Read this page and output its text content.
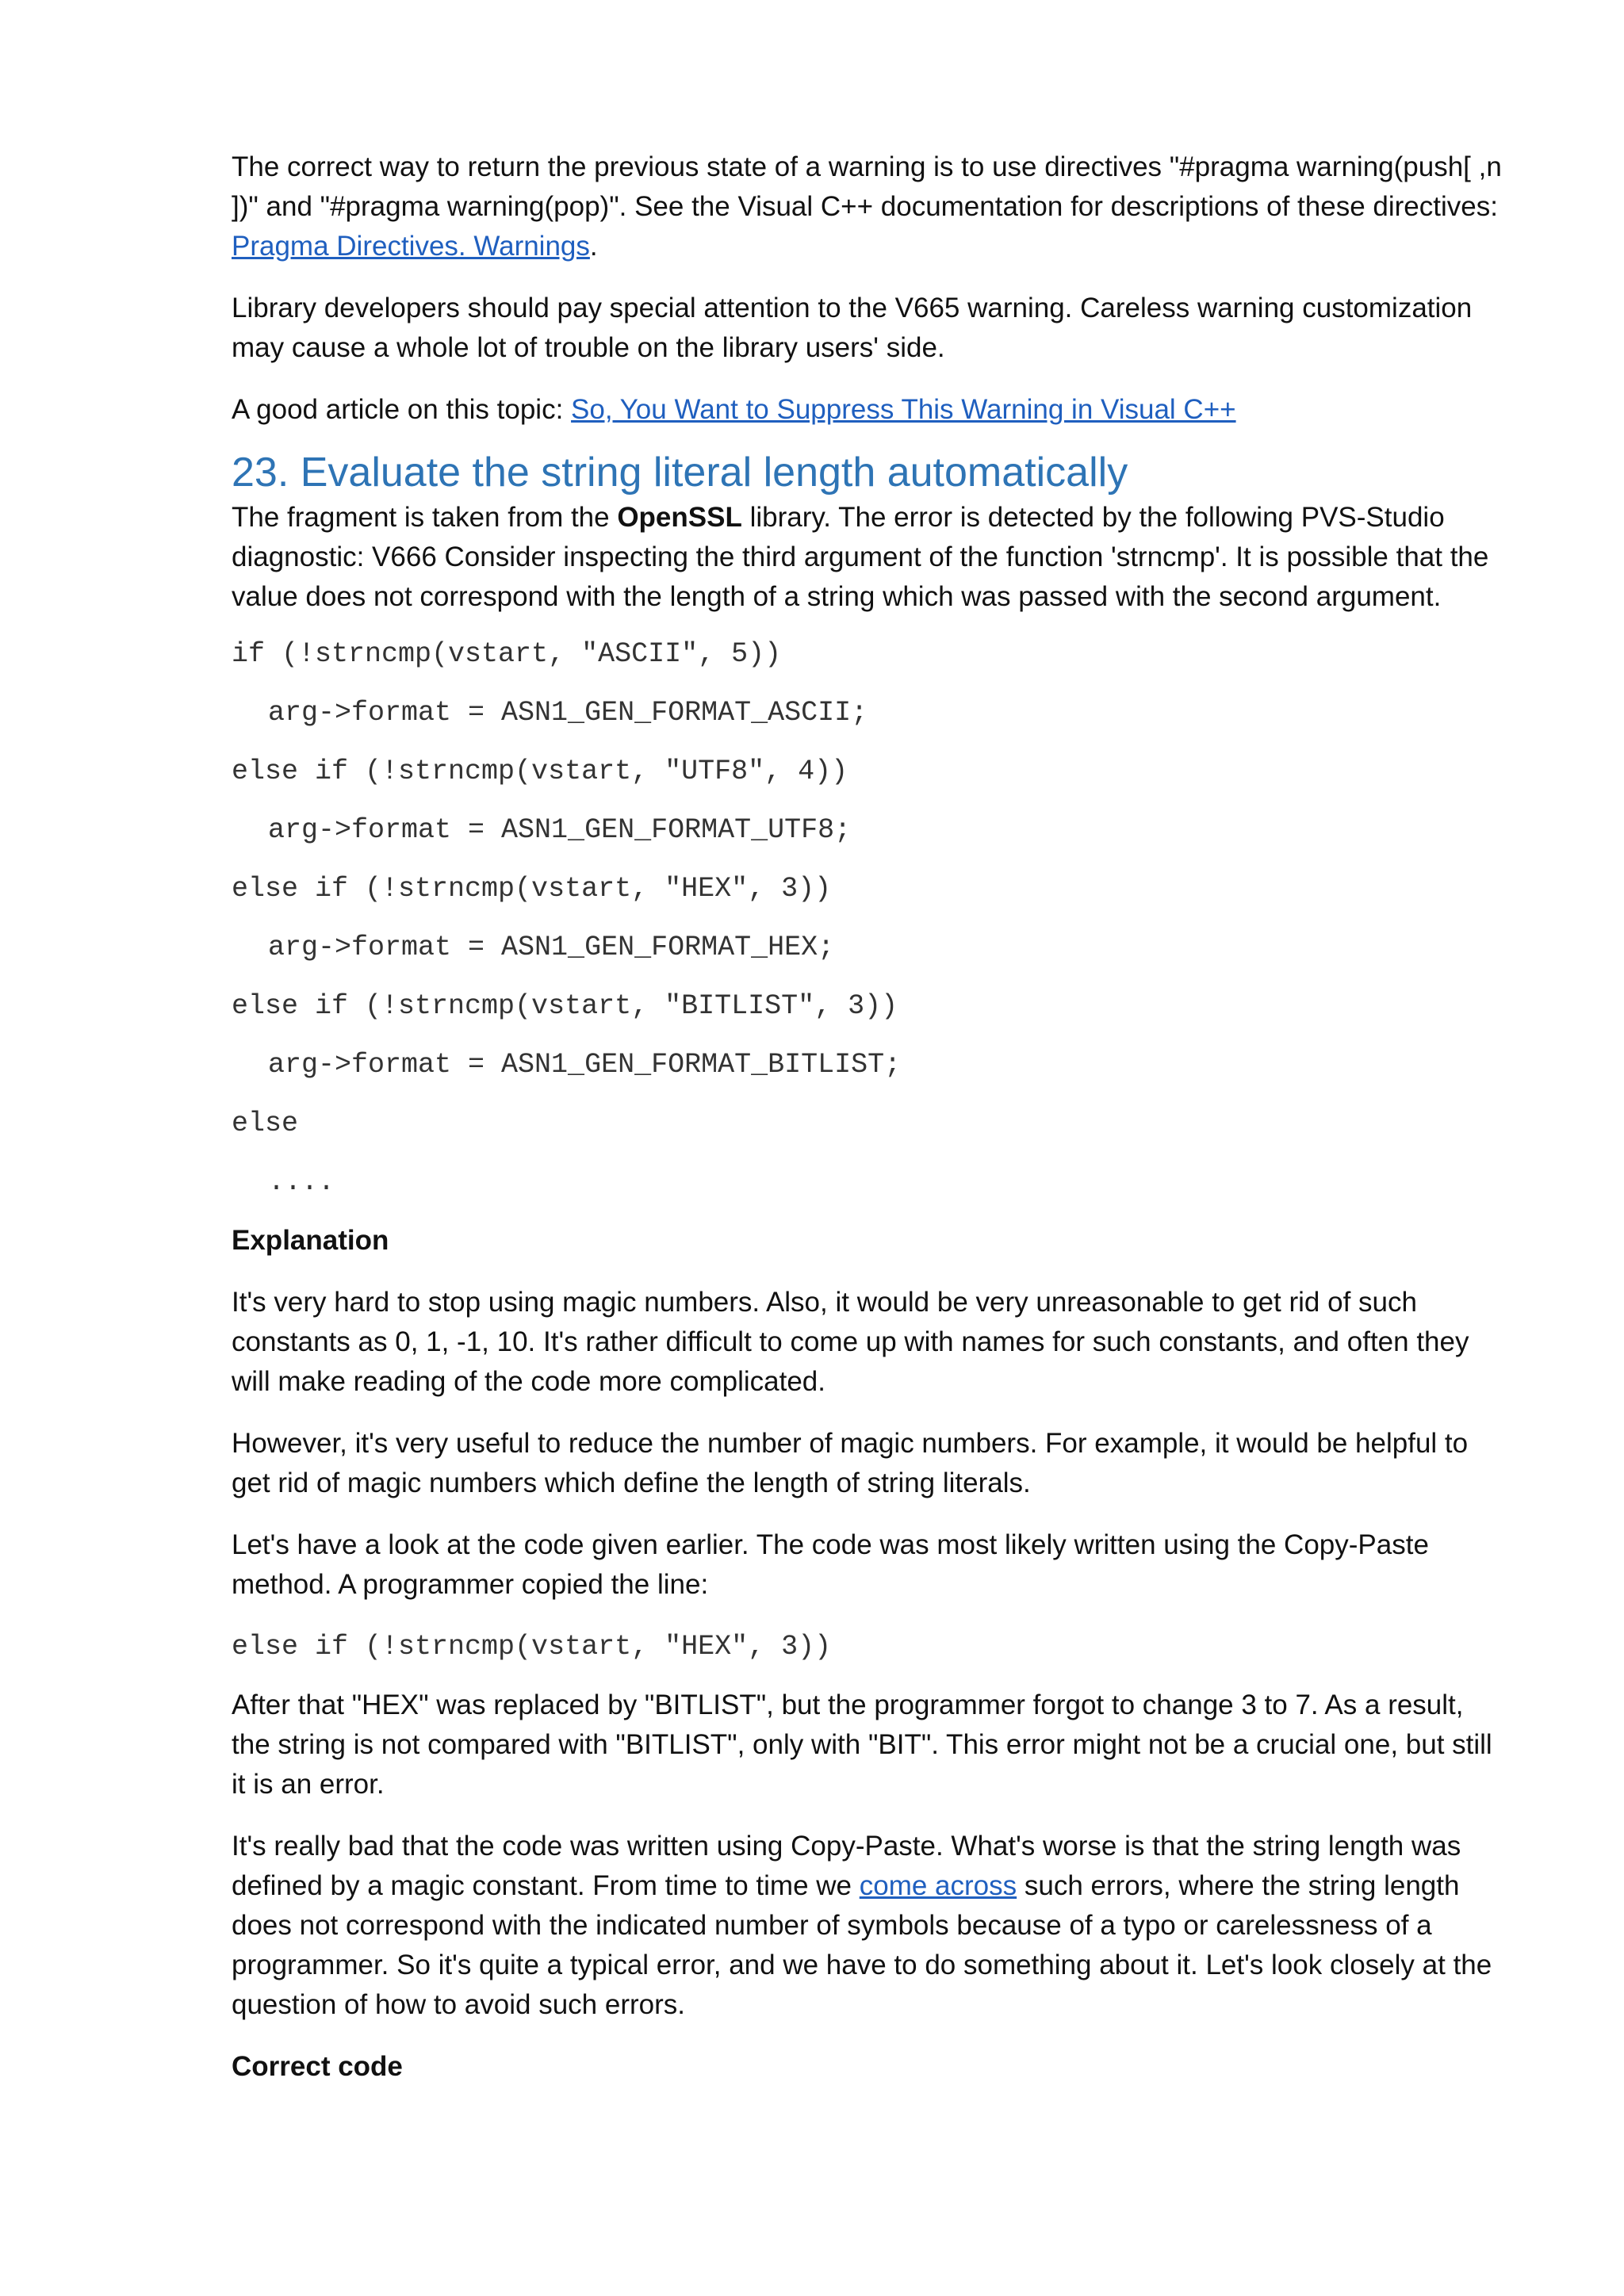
The correct way to return the previous state of a warning is to use directives "#pragma warning(push[ ,n ])" and "#pragma warning(pop)". See the Visual C++ documentation for descriptions of these directives: Pragma Directives. Warnings.

Library developers should pay special attention to the V665 warning. Careless warning customization may cause a whole lot of trouble on the library users' side.

A good article on this topic: So, You Want to Suppress This Warning in Visual C++

23. Evaluate the string literal length automatically

The fragment is taken from the OpenSSL library. The error is detected by the following PVS-Studio diagnostic: V666 Consider inspecting the third argument of the function 'strncmp'. It is possible that the value does not correspond with the length of a string which was passed with the second argument.

if (!strncmp(vstart, "ASCII", 5))
arg->format = ASN1_GEN_FORMAT_ASCII;
else if (!strncmp(vstart, "UTF8", 4))
arg->format = ASN1_GEN_FORMAT_UTF8;
else if (!strncmp(vstart, "HEX", 3))
arg->format = ASN1_GEN_FORMAT_HEX;
else if (!strncmp(vstart, "BITLIST", 3))
arg->format = ASN1_GEN_FORMAT_BITLIST;
else
....
Explanation

It's very hard to stop using magic numbers. Also, it would be very unreasonable to get rid of such constants as 0, 1, -1, 10. It's rather difficult to come up with names for such constants, and often they will make reading of the code more complicated.

However, it's very useful to reduce the number of magic numbers. For example, it would be helpful to get rid of magic numbers which define the length of string literals.

Let's have a look at the code given earlier. The code was most likely written using the Copy-Paste method. A programmer copied the line:

else if (!strncmp(vstart, "HEX", 3))

After that "HEX" was replaced by "BITLIST", but the programmer forgot to change 3 to 7. As a result, the string is not compared with "BITLIST", only with "BIT". This error might not be a crucial one, but still it is an error.

It's really bad that the code was written using Copy-Paste. What's worse is that the string length was defined by a magic constant. From time to time we come across such errors, where the string length does not correspond with the indicated number of symbols because of a typo or carelessness of a programmer. So it's quite a typical error, and we have to do something about it. Let's look closely at the question of how to avoid such errors.

Correct code
